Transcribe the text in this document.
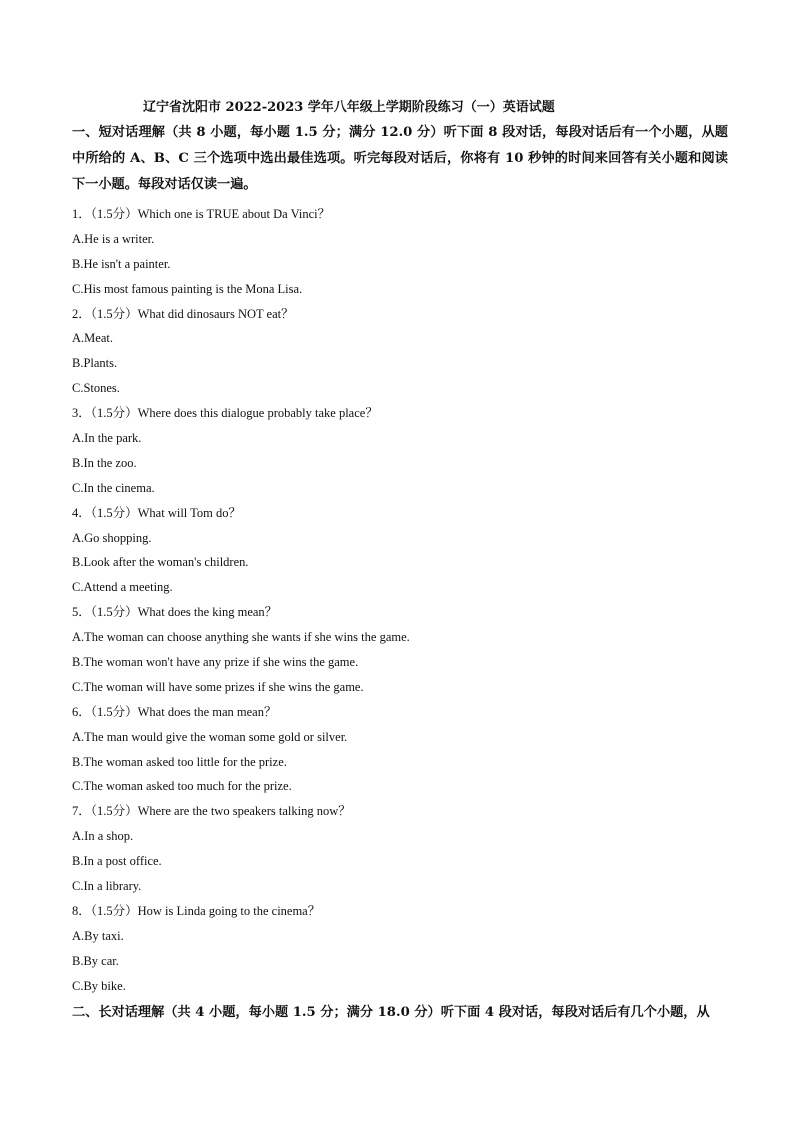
辽宁省沈阳市 2022-2023 学年八年级上学期阶段练习（一）英语试题
一、短对话理解（共 8 小题，每小题 1.5 分；满分 12.0 分）听下面 8 段对话，每段对话后有一个小题，从题中所给的 A、B、C 三个选项中选出最佳选项。听完每段对话后，你将有 10 秒钟的时间来回答有关小题和阅读下一小题。每段对话仅读一遍。
1．（1.5分）Which one is TRUE about Da Vinci？
A.He is a writer.
B.He isn't a painter.
C.His most famous painting is the Mona Lisa.
2．（1.5分）What did dinosaurs NOT eat？
A.Meat.
B.Plants.
C.Stones.
3．（1.5分）Where does this dialogue probably take place？
A.In the park.
B.In the zoo.
C.In the cinema.
4．（1.5分）What will Tom do？
A.Go shopping.
B.Look after the woman's children.
C.Attend a meeting.
5．（1.5分）What does the king mean？
A.The woman can choose anything she wants if she wins the game.
B.The woman won't have any prize if she wins the game.
C.The woman will have some prizes if she wins the game.
6．（1.5分）What does the man mean？
A.The man would give the woman some gold or silver.
B.The woman asked too little for the prize.
C.The woman asked too much for the prize.
7．（1.5分）Where are the two speakers talking now？
A.In a shop.
B.In a post office.
C.In a library.
8．（1.5分）How is Linda going to the cinema？
A.By taxi.
B.By car.
C.By bike.
二、长对话理解（共 4 小题，每小题 1.5 分；满分 18.0 分）听下面 4 段对话，每段对话后有几个小题，从
